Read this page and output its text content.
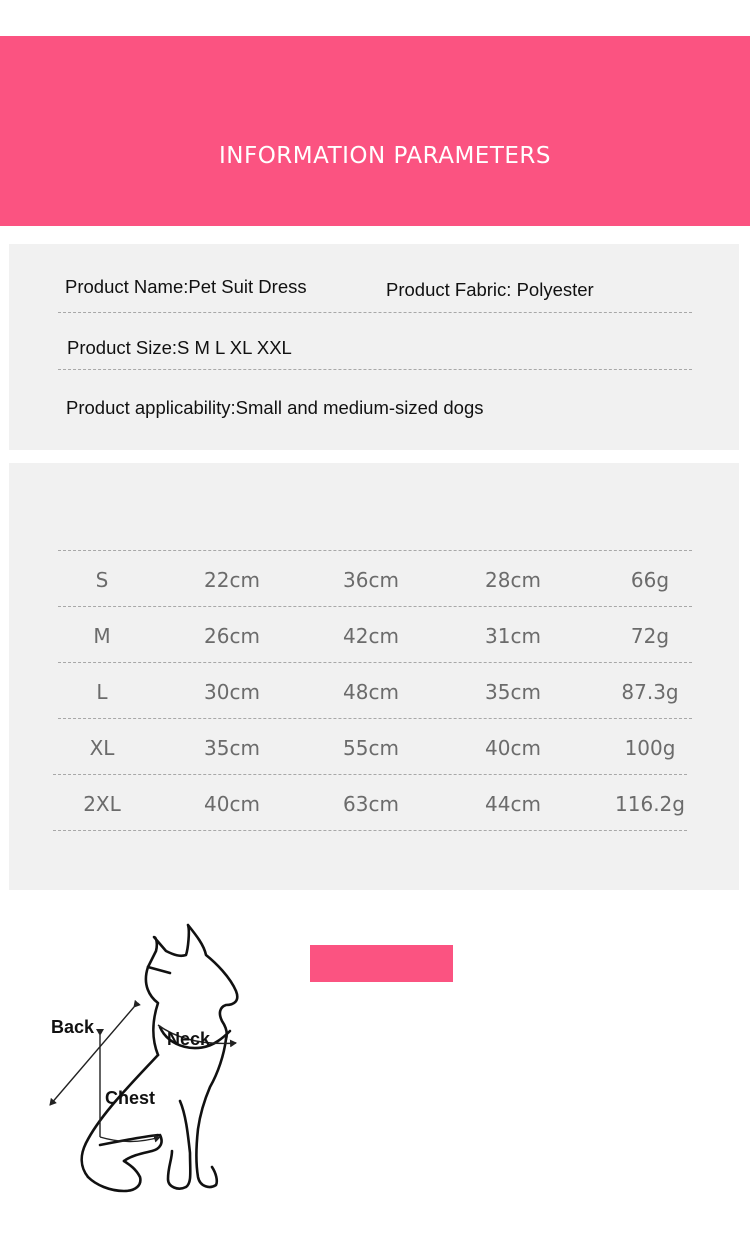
INFORMATION PARAMETERS
Product Name:Pet Suit Dress	Product Fabric: Polyester
Product Size:S M L XL XXL
Product applicability:Small and medium-sized dogs
S	22cm	36cm	28cm	66g
M	26cm	42cm	31cm	72g
L	30cm	48cm	35cm	87.3g
XL	35cm	55cm	40cm	100g
2XL	40cm	63cm	44cm	116.2g
Back
Neck
Chest
